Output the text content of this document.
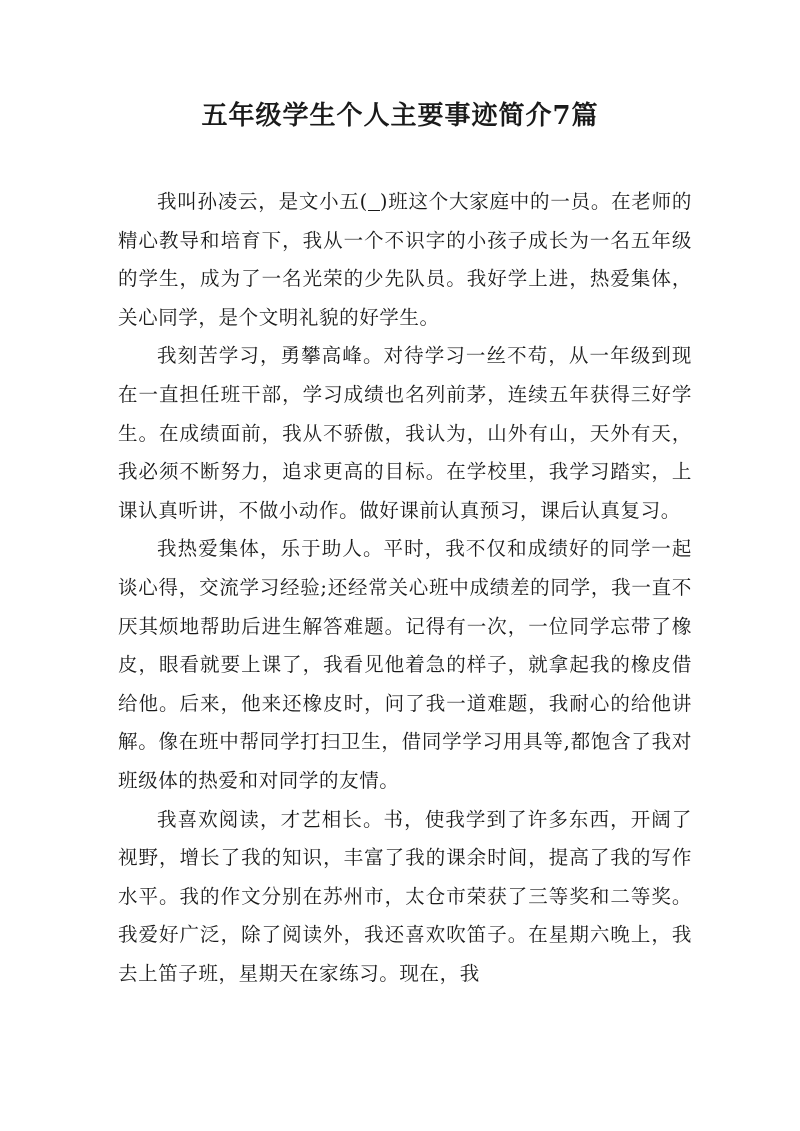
五年级学生个人主要事迹简介7篇

我叫孙凌云，是文小五( )班这个大家庭中的一员。在老师的精心教导和培育下，我从一个不识字的小孩子成长为一名五年级的学生，成为了一名光荣的少先队员。我好学上进，热爱集体，关心同学，是个文明礼貌的好学生。

我刻苦学习，勇攀高峰。对待学习一丝不苟，从一年级到现在一直担任班干部，学习成绩也名列前茅，连续五年获得三好学生。在成绩面前，我从不骄傲，我认为，山外有山，天外有天，我必须不断努力，追求更高的目标。在学校里，我学习踏实，上课认真听讲，不做小动作。做好课前认真预习，课后认真复习。

我热爱集体，乐于助人。平时，我不仅和成绩好的同学一起谈心得，交流学习经验;还经常关心班中成绩差的同学，我一直不厌其烦地帮助后进生解答难题。记得有一次，一位同学忘带了橡皮，眼看就要上课了，我看见他着急的样子，就拿起我的橡皮借给他。后来，他来还橡皮时，问了我一道难题，我耐心的给他讲解。像在班中帮同学打扫卫生，借同学学习用具等,都饱含了我对班级体的热爱和对同学的友情。

我喜欢阅读，才艺相长。书，使我学到了许多东西，开阔了视野，增长了我的知识，丰富了我的课余时间，提高了我的写作水平。我的作文分别在苏州市，太仓市荣获了三等奖和二等奖。我爱好广泛，除了阅读外，我还喜欢吹笛子。在星期六晚上，我去上笛子班，星期天在家练习。现在，我
